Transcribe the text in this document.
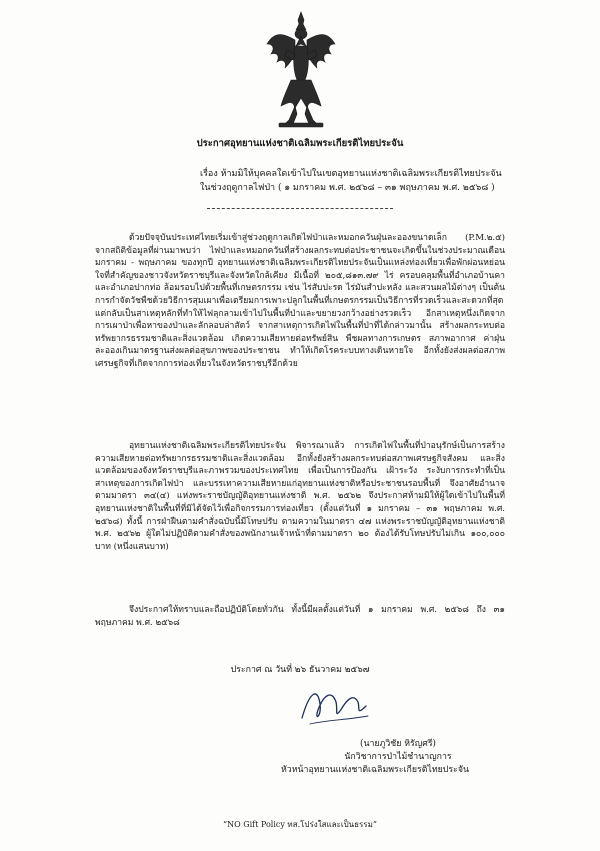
ประกาศอุทยานแห่งชาติเฉลิมพระเกียรติไทยประจัน
เรื่อง ห้ามมิให้บุคคลใดเข้าไปในเขตอุทยานแห่งชาติเฉลิมพระเกียรติไทยประจัน
ในช่วงฤดูกาลไฟป่า ( ๑ มกราคม พ.ศ. ๒๕๖๘ – ๓๑ พฤษภาคม พ.ศ. ๒๕๖๘ )

ด้วยปัจจุบันประเทศไทยเริ่มเข้าสู่ช่วงฤดูกาลเกิดไฟป่าและหมอกควันฝุ่นละอองขนาดเล็ก (P.M.๒.๕) จากสถิติข้อมูลที่ผ่านมาพบว่า ไฟป่าและหมอกควันที่สร้างผลกระทบต่อประชาชนจะเกิดขึ้นในช่วงประมาณเดือน มกราคม - พฤษภาคม ของทุกปี อุทยานแห่งชาติเฉลิมพระเกียรติไทยประจันเป็นแหล่งท่องเที่ยวเพื่อพักผ่อนหย่อนใจที่สำคัญของชาวจังหวัดราชบุรีและจังหวัดใกล้เคียง มีเนื้อที่ ๒๐๕,๘๑๓.๗๙ ไร่ ครอบคลุมพื้นที่อำเภอบ้านคาและอำเภอปากท่อ ล้อมรอบไปด้วยพื้นที่เกษตรกรรม เช่น ไร่สับปะรด ไร่มันสำปะหลัง และสวนผลไม้ต่างๆ เป็นต้น การกำจัดวัชพืชด้วยวิธีการสุมเผาเพื่อเตรียมการเพาะปลูกในพื้นที่เกษตรกรรมเป็นวิธีการที่รวดเร็วและสะดวกที่สุด แต่กลับเป็นสาเหตุหลักที่ทำให้ไฟลุกลามเข้าไปในพื้นที่ป่าและขยายวงกว้างอย่างรวดเร็ว อีกสาเหตุหนึ่งเกิดจากการเผาป่าเพื่อหาของป่าและลักลอบล่าสัตว์ จากสาเหตุการเกิดไฟในพื้นที่ป่าที่ได้กล่าวมานั้น สร้างผลกระทบต่อทรัพยากรธรรมชาติและสิ่งแวดล้อม เกิดความเสียหายต่อทรัพย์สิน พืชผลทางการเกษตร สภาพอากาศ ค่าฝุ่นละอองเกินมาตรฐานส่งผลต่อสุขภาพของประชาชน ทำให้เกิดโรคระบบทางเดินหายใจ อีกทั้งยังส่งผลต่อสภาพเศรษฐกิจที่เกิดจากการท่องเที่ยวในจังหวัดราชบุรีอีกด้วย

อุทยานแห่งชาติเฉลิมพระเกียรติไทยประจัน พิจารณาแล้ว การเกิดไฟในพื้นที่ป่าอนุรักษ์เป็นการสร้างความเสียหายต่อทรัพยากรธรรมชาติและสิ่งแวดล้อม อีกทั้งยังสร้างผลกระทบต่อสภาพเศรษฐกิจสังคม และสิ่งแวดล้อมของจังหวัดราชบุรีและภาพรวมของประเทศไทย เพื่อเป็นการป้องกัน เฝ้าระวัง ระงับการกระทำที่เป็นสาเหตุของการเกิดไฟป่า และบรรเทาความเสียหายแก่อุทยานแห่งชาติหรือประชาชนรอบพื้นที่ จึงอาศัยอำนาจตามมาตรา ๓๔(๔) แห่งพระราชบัญญัติอุทยานแห่งชาติ พ.ศ. ๒๕๖๒ จึงประกาศห้ามมิให้ผู้ใดเข้าไปในพื้นที่อุทยานแห่งชาติในพื้นที่ที่มิได้จัดไว้เพื่อกิจกรรมการท่องเที่ยว (ตั้งแต่วันที่ ๑ มกราคม – ๓๑ พฤษภาคม พ.ศ. ๒๕๖๘) ทั้งนี้ การฝ่าฝืนตามคำสั่งฉบับนี้มีโทษปรับ ตามความในมาตรา ๔๗ แห่งพระราชบัญญัติอุทยานแห่งชาติ พ.ศ. ๒๕๖๒ ผู้ใดไม่ปฏิบัติตามคำสั่งของพนักงานเจ้าหน้าที่ตามมาตรา ๒๐ ต้องได้รับโทษปรับไม่เกิน ๑๐๐,๐๐๐ บาท (หนึ่งแสนบาท)

จึงประกาศให้ทราบและถือปฏิบัติโดยทั่วกัน ทั้งนี้มีผลตั้งแต่วันที่ ๑ มกราคม พ.ศ. ๒๕๖๘ ถึง ๓๑ พฤษภาคม พ.ศ. ๒๕๖๘

ประกาศ ณ วันที่ ๒๖ ธันวาคม ๒๕๖๗
(นายภูวิชัย หิรัญศรี)
นักวิชาการป่าไม้ชำนาญการ
หัวหน้าอุทยานแห่งชาติเฉลิมพระเกียรติไทยประจัน
“NO Gift Policy ทส.โปร่งใสและเป็นธรรม”
